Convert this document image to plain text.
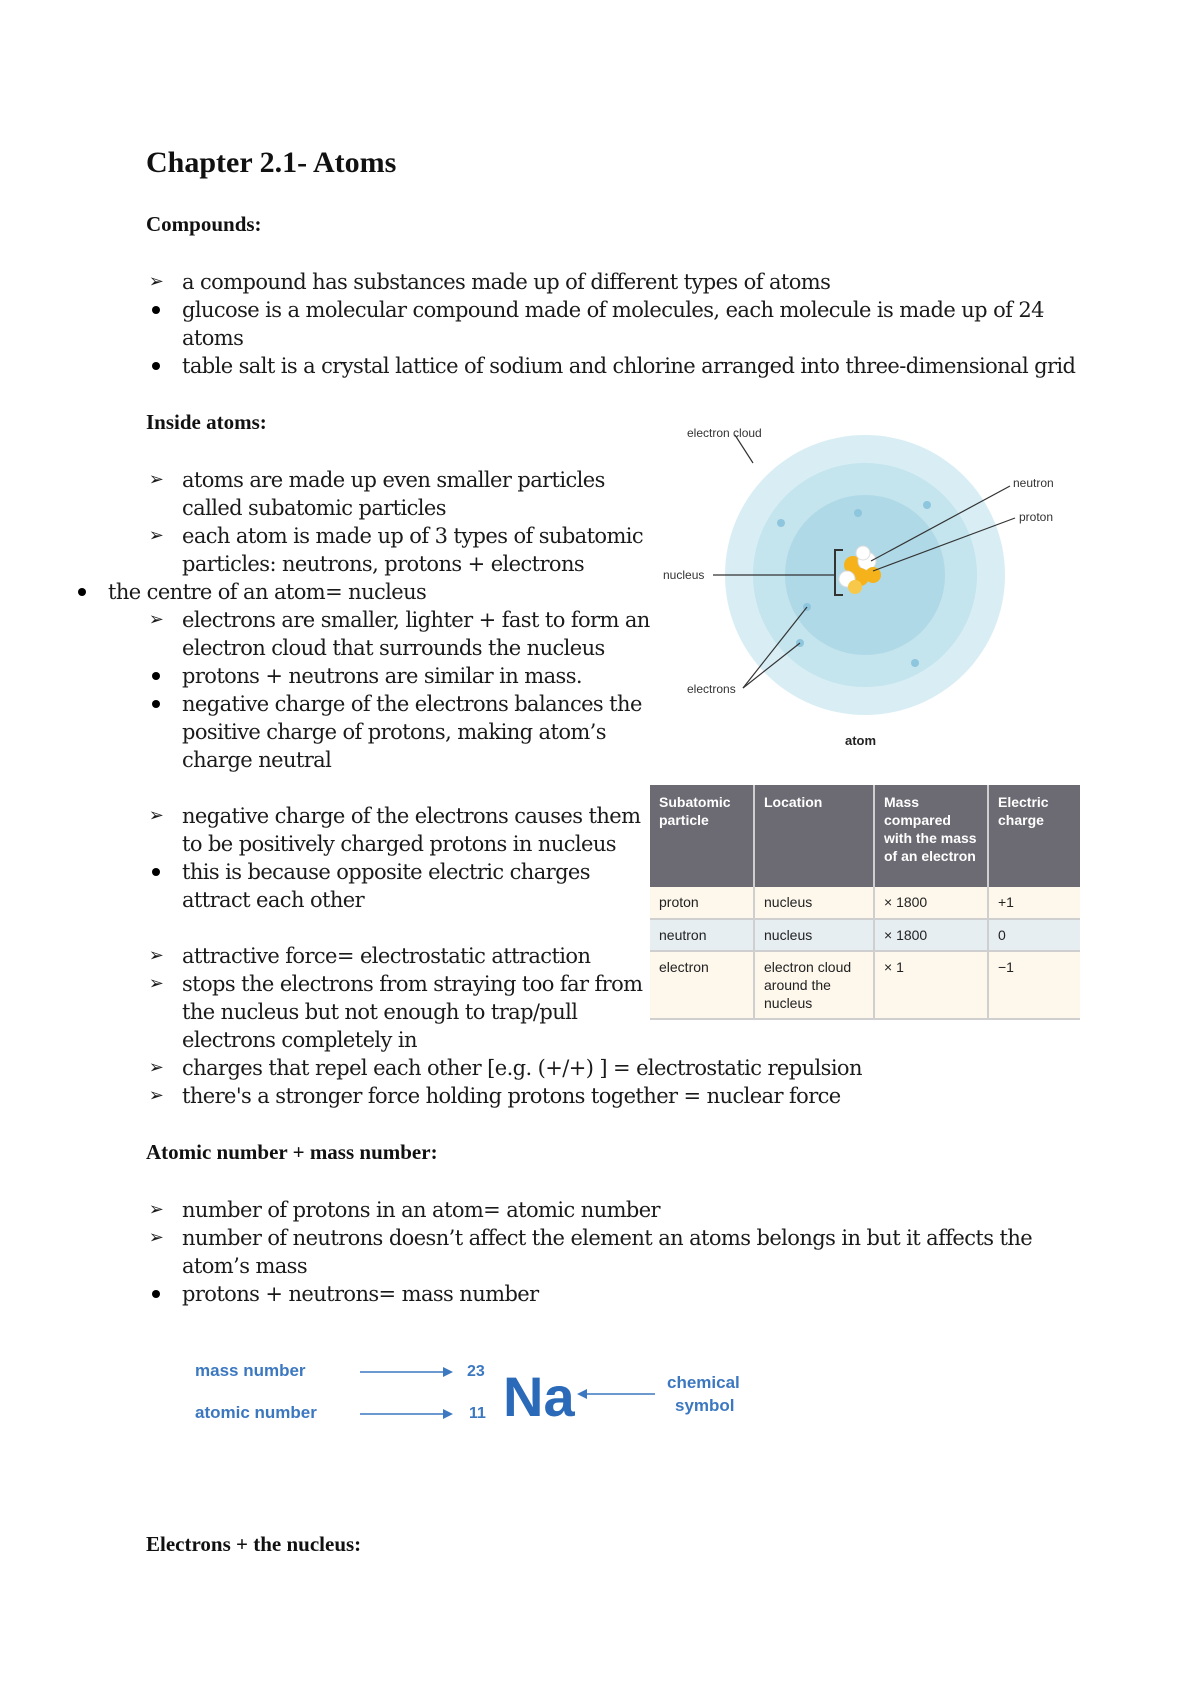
Chapter 2.1- Atoms
Compounds:
➢ a compound has substances made up of different types of atoms
glucose is a molecular compound made of molecules, each molecule is made up of 24
atoms
table salt is a crystal lattice of sodium and chlorine arranged into three-dimensional grid
Inside atoms:
➢ atoms are made up even smaller particles
called subatomic particles
➢ each atom is made up of 3 types of subatomic
particles: neutrons, protons + electrons
the centre of an atom= nucleus
➢ electrons are smaller, lighter + fast to form an
electron cloud that surrounds the nucleus
protons + neutrons are similar in mass.
negative charge of the electrons balances the
positive charge of protons, making atom’s
charge neutral
➢ negative charge of the electrons causes them
to be positively charged protons in nucleus
this is because opposite electric charges
attract each other
➢ attractive force= electrostatic attraction
➢ stops the electrons from straying too far from
the nucleus but not enough to trap/pull
electrons completely in
➢ charges that repel each other [e.g. (+/+) ] = electrostatic repulsion
➢ there's a stronger force holding protons together = nuclear force
Atomic number + mass number:
➢ number of protons in an atom= atomic number
➢ number of neutrons doesn’t affect the element an atoms belongs in but it affects the
atom’s mass
protons + neutrons= mass number
Electrons + the nucleus:
electron cloud
neutron
proton
nucleus
electrons
atom
Subatomic particle	Location	Mass compared with the mass of an electron	Electric charge
proton	nucleus	× 1800	+1
neutron	nucleus	× 1800	0
electron	electron cloud around the nucleus	× 1	−1
mass number
atomic number
23
11 Na	chemical
symbol
